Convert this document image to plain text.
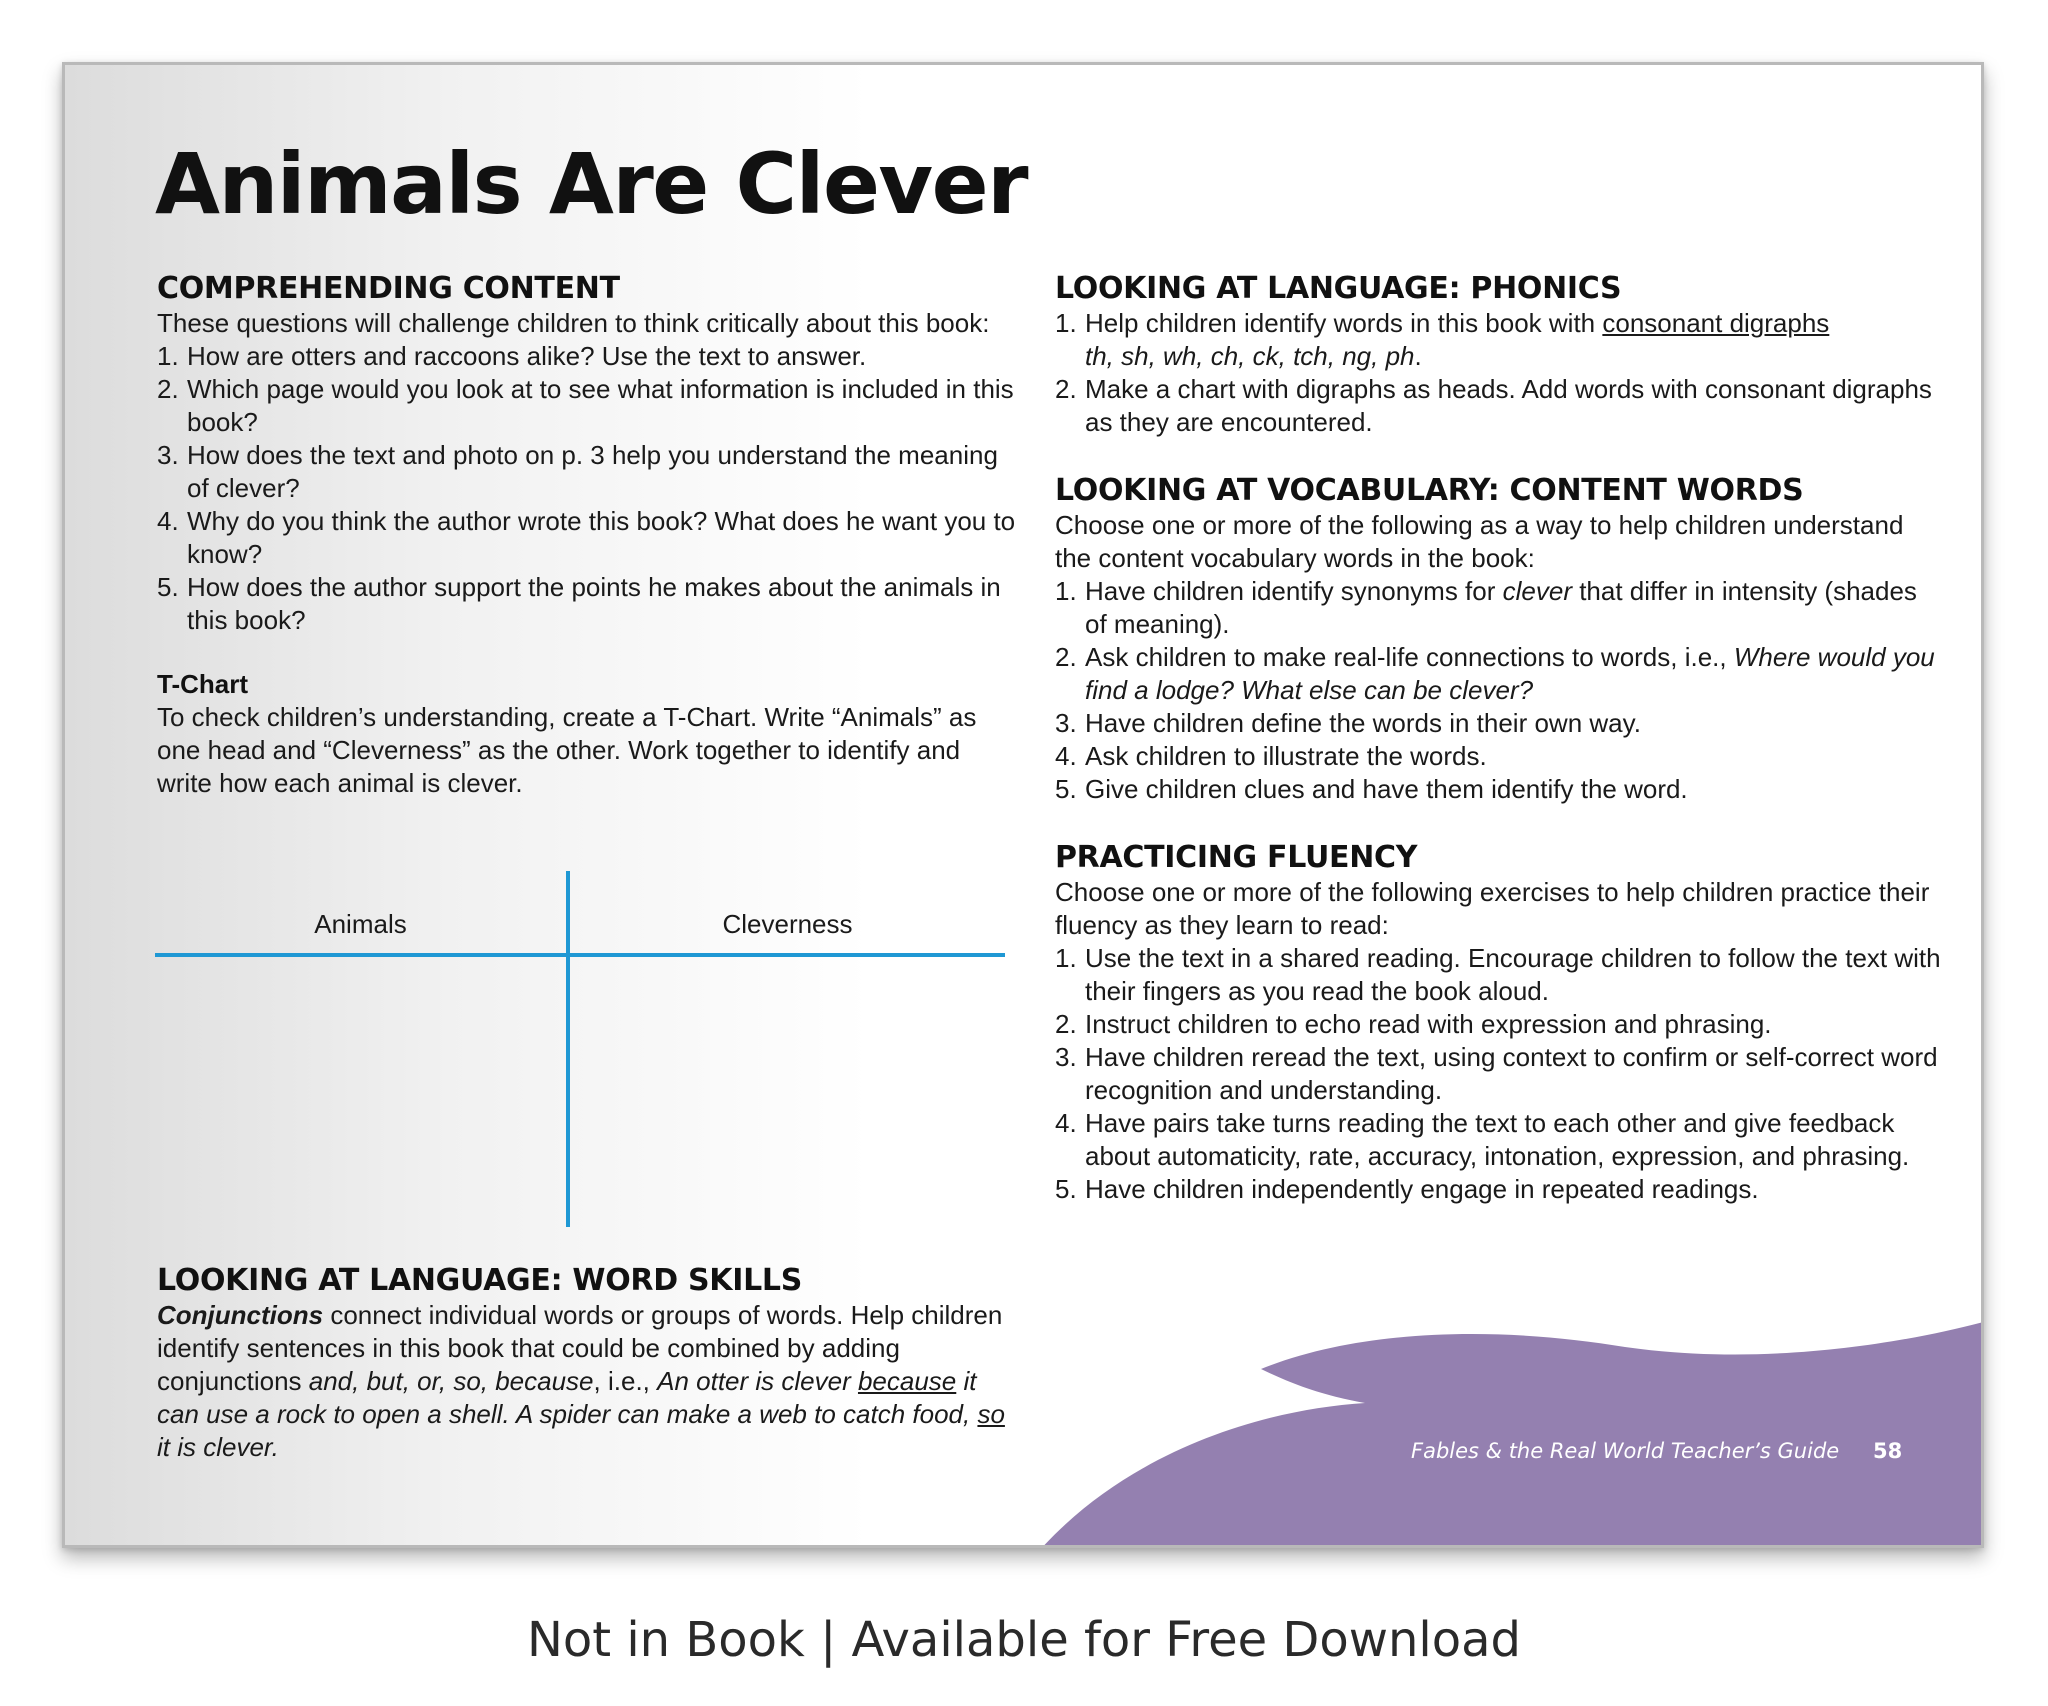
Animals Are Clever
COMPREHENDING CONTENT

These questions will challenge children to think critically about this book:

1. How are otters and raccoons alike? Use the text to answer.
2. Which page would you look at to see what information is included in this book?
3. How does the text and photo on p. 3 help you understand the meaning of clever?
4. Why do you think the author wrote this book? What does he want you to know?
5. How does the author support the points he makes about the animals in this book?
T-Chart

To check children’s understanding, create a T-Chart. Write “Animals” as one head and “Cleverness” as the other. Work together to identify and write how each animal is clever.

Animals	Cleverness
LOOKING AT LANGUAGE: WORD SKILLS

Conjunctions connect individual words or groups of words. Help children identify sentences in this book that could be combined by adding conjunctions and, but, or, so, because, i.e., An otter is clever because it can use a rock to open a shell. A spider can make a web to catch food, so it is clever.

LOOKING AT LANGUAGE: PHONICS
1. Help children identify words in this book with consonant digraphs
th, sh, wh, ch, ck, tch, ng, ph.
2. Make a chart with digraphs as heads. Add words with consonant digraphs as they are encountered.
LOOKING AT VOCABULARY: CONTENT WORDS

Choose one or more of the following as a way to help children understand the content vocabulary words in the book:

1. Have children identify synonyms for clever that differ in intensity (shades of meaning).
2. Ask children to make real-life connections to words, i.e., Where would you find a lodge? What else can be clever?
3. Have children define the words in their own way.
4. Ask children to illustrate the words.
5. Give children clues and have them identify the word.
PRACTICING FLUENCY

Choose one or more of the following exercises to help children practice their fluency as they learn to read:

1. Use the text in a shared reading. Encourage children to follow the text with their fingers as you read the book aloud.
2. Instruct children to echo read with expression and phrasing.
3. Have children reread the text, using context to confirm or self-correct word recognition and understanding.
4. Have pairs take turns reading the text to each other and give feedback about automaticity, rate, accuracy, intonation, expression, and phrasing.
5. Have children independently engage in repeated readings.
Fables & the Real World Teacher’s Guide 58
Not in Book | Available for Free Download
